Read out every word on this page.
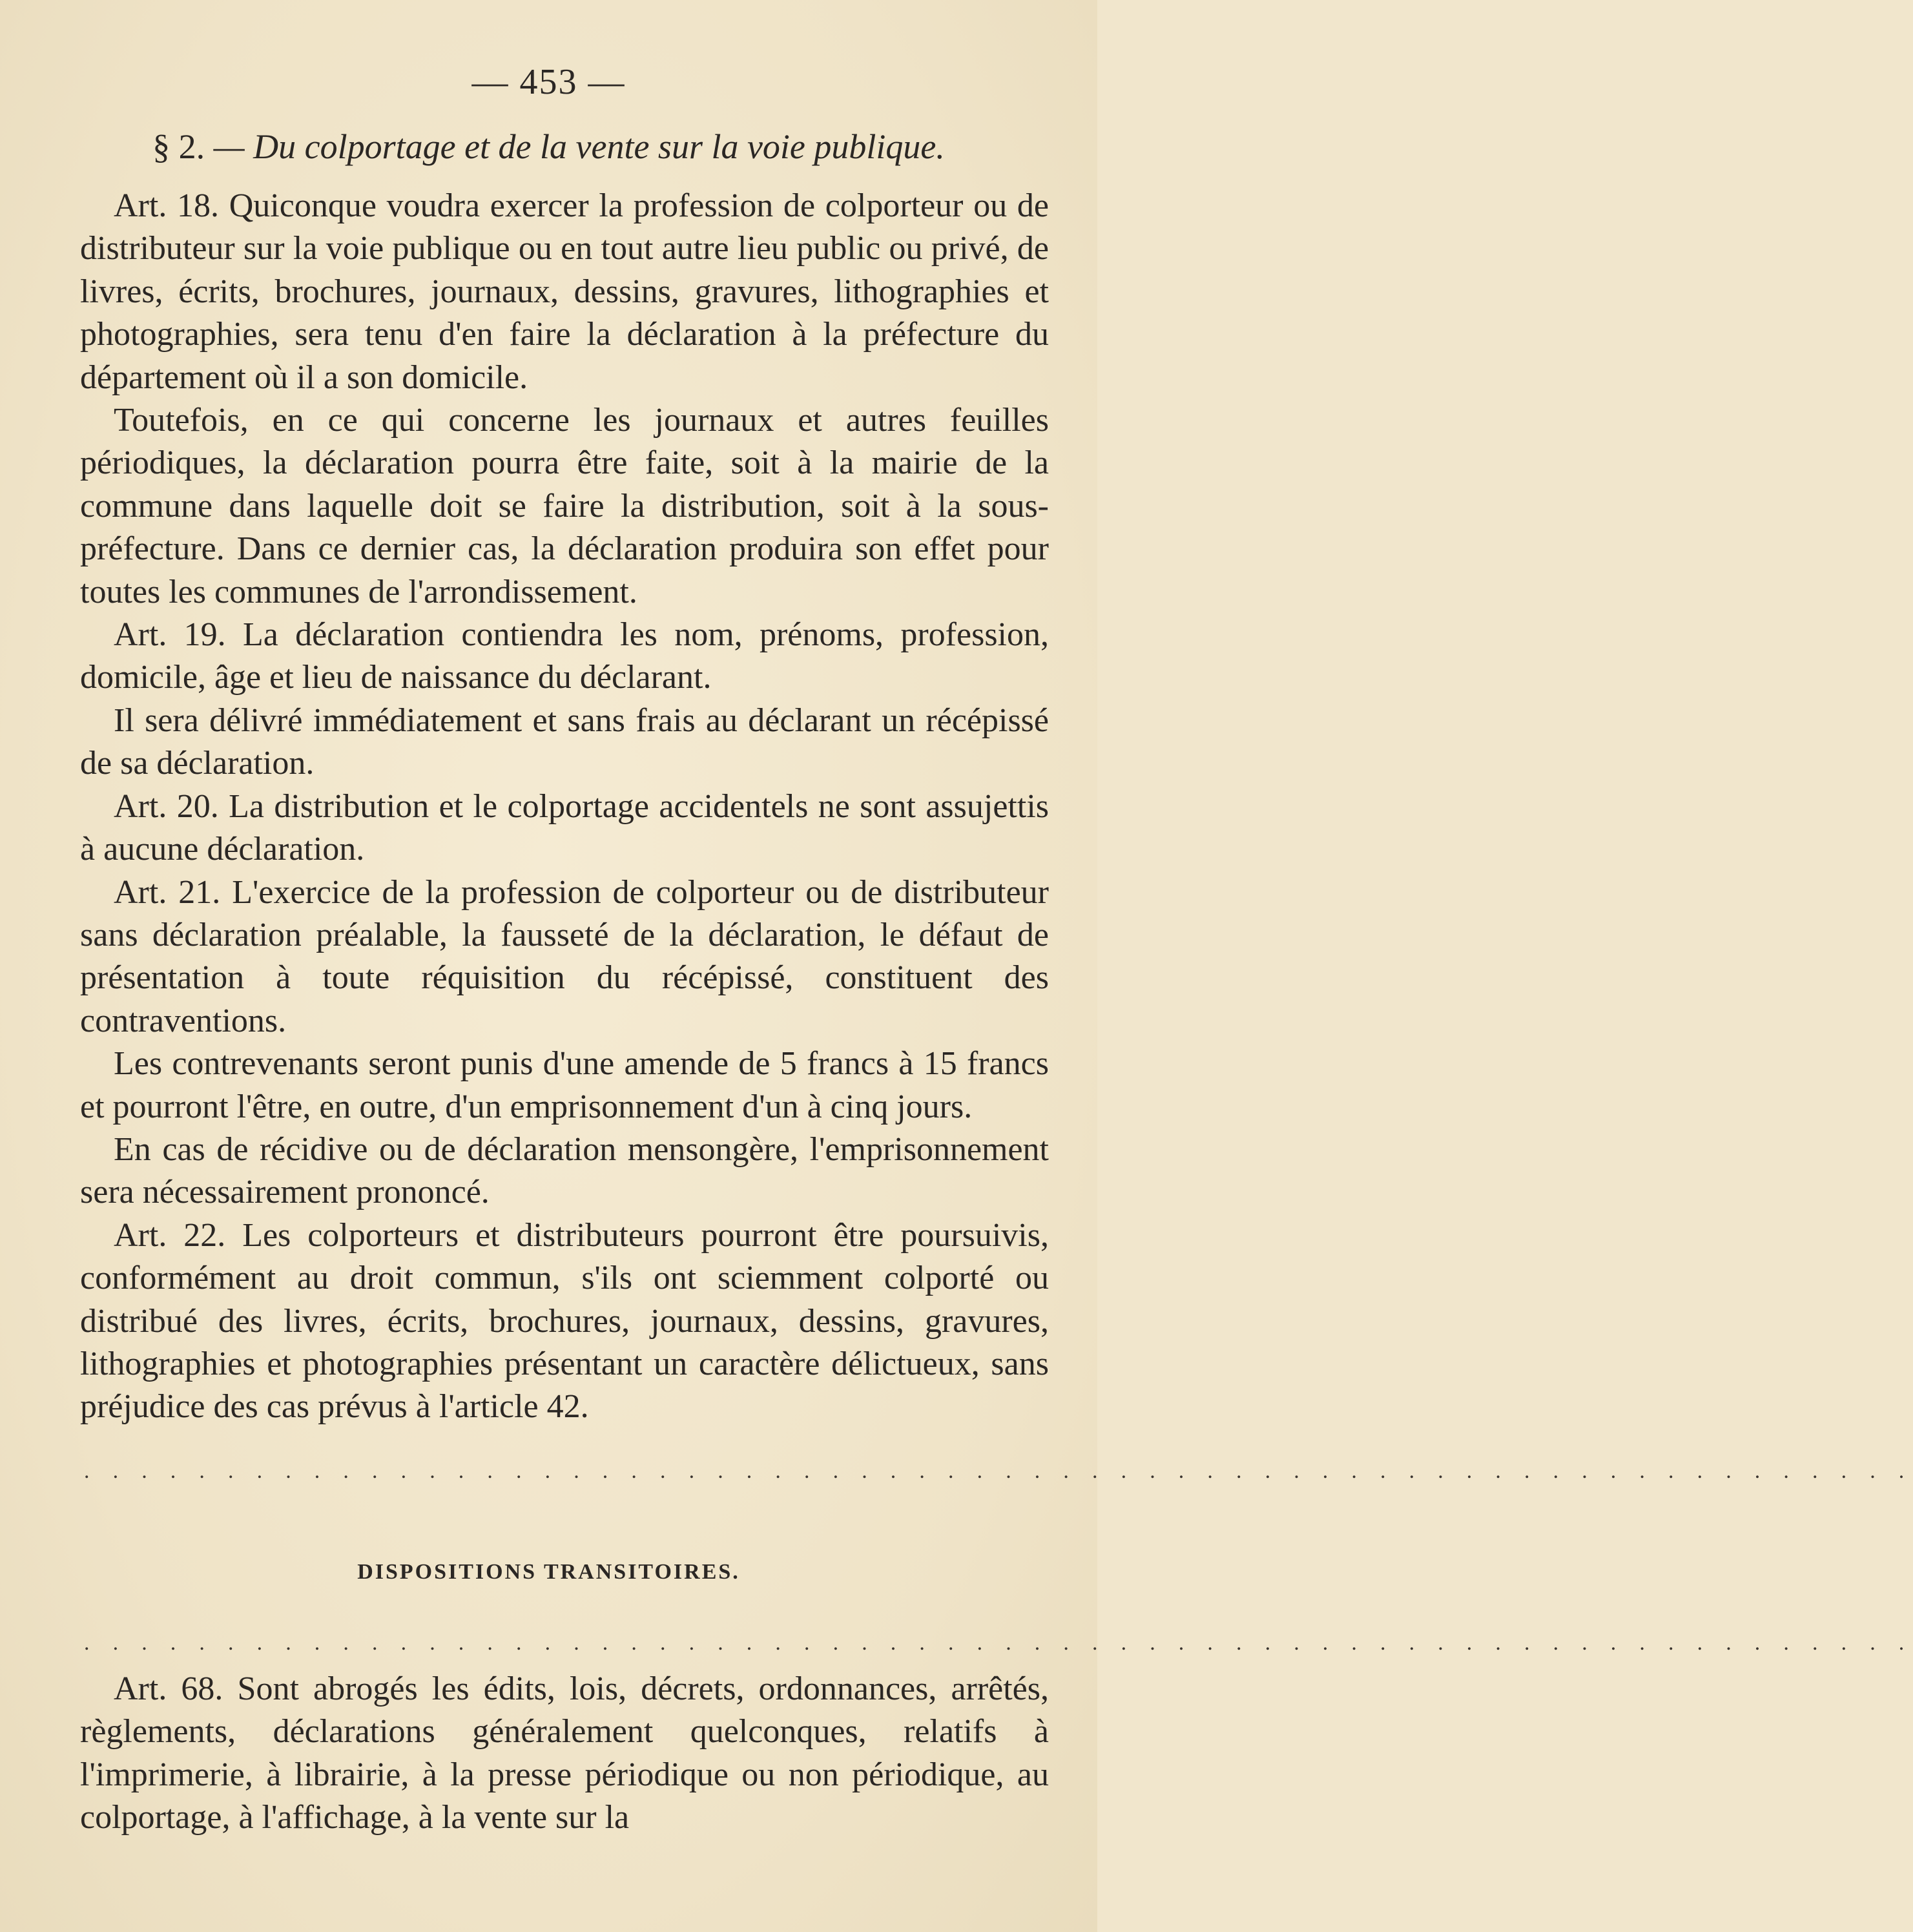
— 453 —
§ 2. — Du colportage et de la vente sur la voie publique.

Art. 18. Quiconque voudra exercer la profession de colporteur ou de distributeur sur la voie publique ou en tout autre lieu public ou privé, de livres, écrits, brochures, journaux, dessins, gravures, lithographies et photographies, sera tenu d'en faire la déclaration à la préfecture du département où il a son domicile.

Toutefois, en ce qui concerne les journaux et autres feuilles périodiques, la déclaration pourra être faite, soit à la mairie de la commune dans laquelle doit se faire la distribution, soit à la sous-préfecture. Dans ce dernier cas, la déclaration produira son effet pour toutes les communes de l'arrondissement.

Art. 19. La déclaration contiendra les nom, prénoms, profession, domicile, âge et lieu de naissance du déclarant.

Il sera délivré immédiatement et sans frais au déclarant un récépissé de sa déclaration.

Art. 20. La distribution et le colportage accidentels ne sont assujettis à aucune déclaration.

Art. 21. L'exercice de la profession de colporteur ou de distributeur sans déclaration préalable, la fausseté de la déclaration, le défaut de présentation à toute réquisition du récépissé, constituent des contraventions.

Les contrevenants seront punis d'une amende de 5 francs à 15 francs et pourront l'être, en outre, d'un emprisonnement d'un à cinq jours.

En cas de récidive ou de déclaration mensongère, l'emprisonnement sera nécessairement prononcé.

Art. 22. Les colporteurs et distributeurs pourront être poursuivis, conformément au droit commun, s'ils ont sciemment colporté ou distribué des livres, écrits, brochures, journaux, dessins, gravures, lithographies et photographies présentant un caractère délictueux, sans préjudice des cas prévus à l'article 42.

. . . . . . . . . . . . . . . . . . . . . . . . . . . . . . . . . . . . . . . . . . . . . . . . . . . . . . . . . . . . . . . .
DISPOSITIONS TRANSITOIRES.
. . . . . . . . . . . . . . . . . . . . . . . . . . . . . . . . . . . . . . . . . . . . . . . . . . . . . . . . . . . . . . . .

Art. 68. Sont abrogés les édits, lois, décrets, ordonnances, arrêtés, règlements, déclarations généralement quelconques, relatifs à l'imprimerie, à librairie, à la presse périodique ou non périodique, au colportage, à l'affichage, à la vente sur la
